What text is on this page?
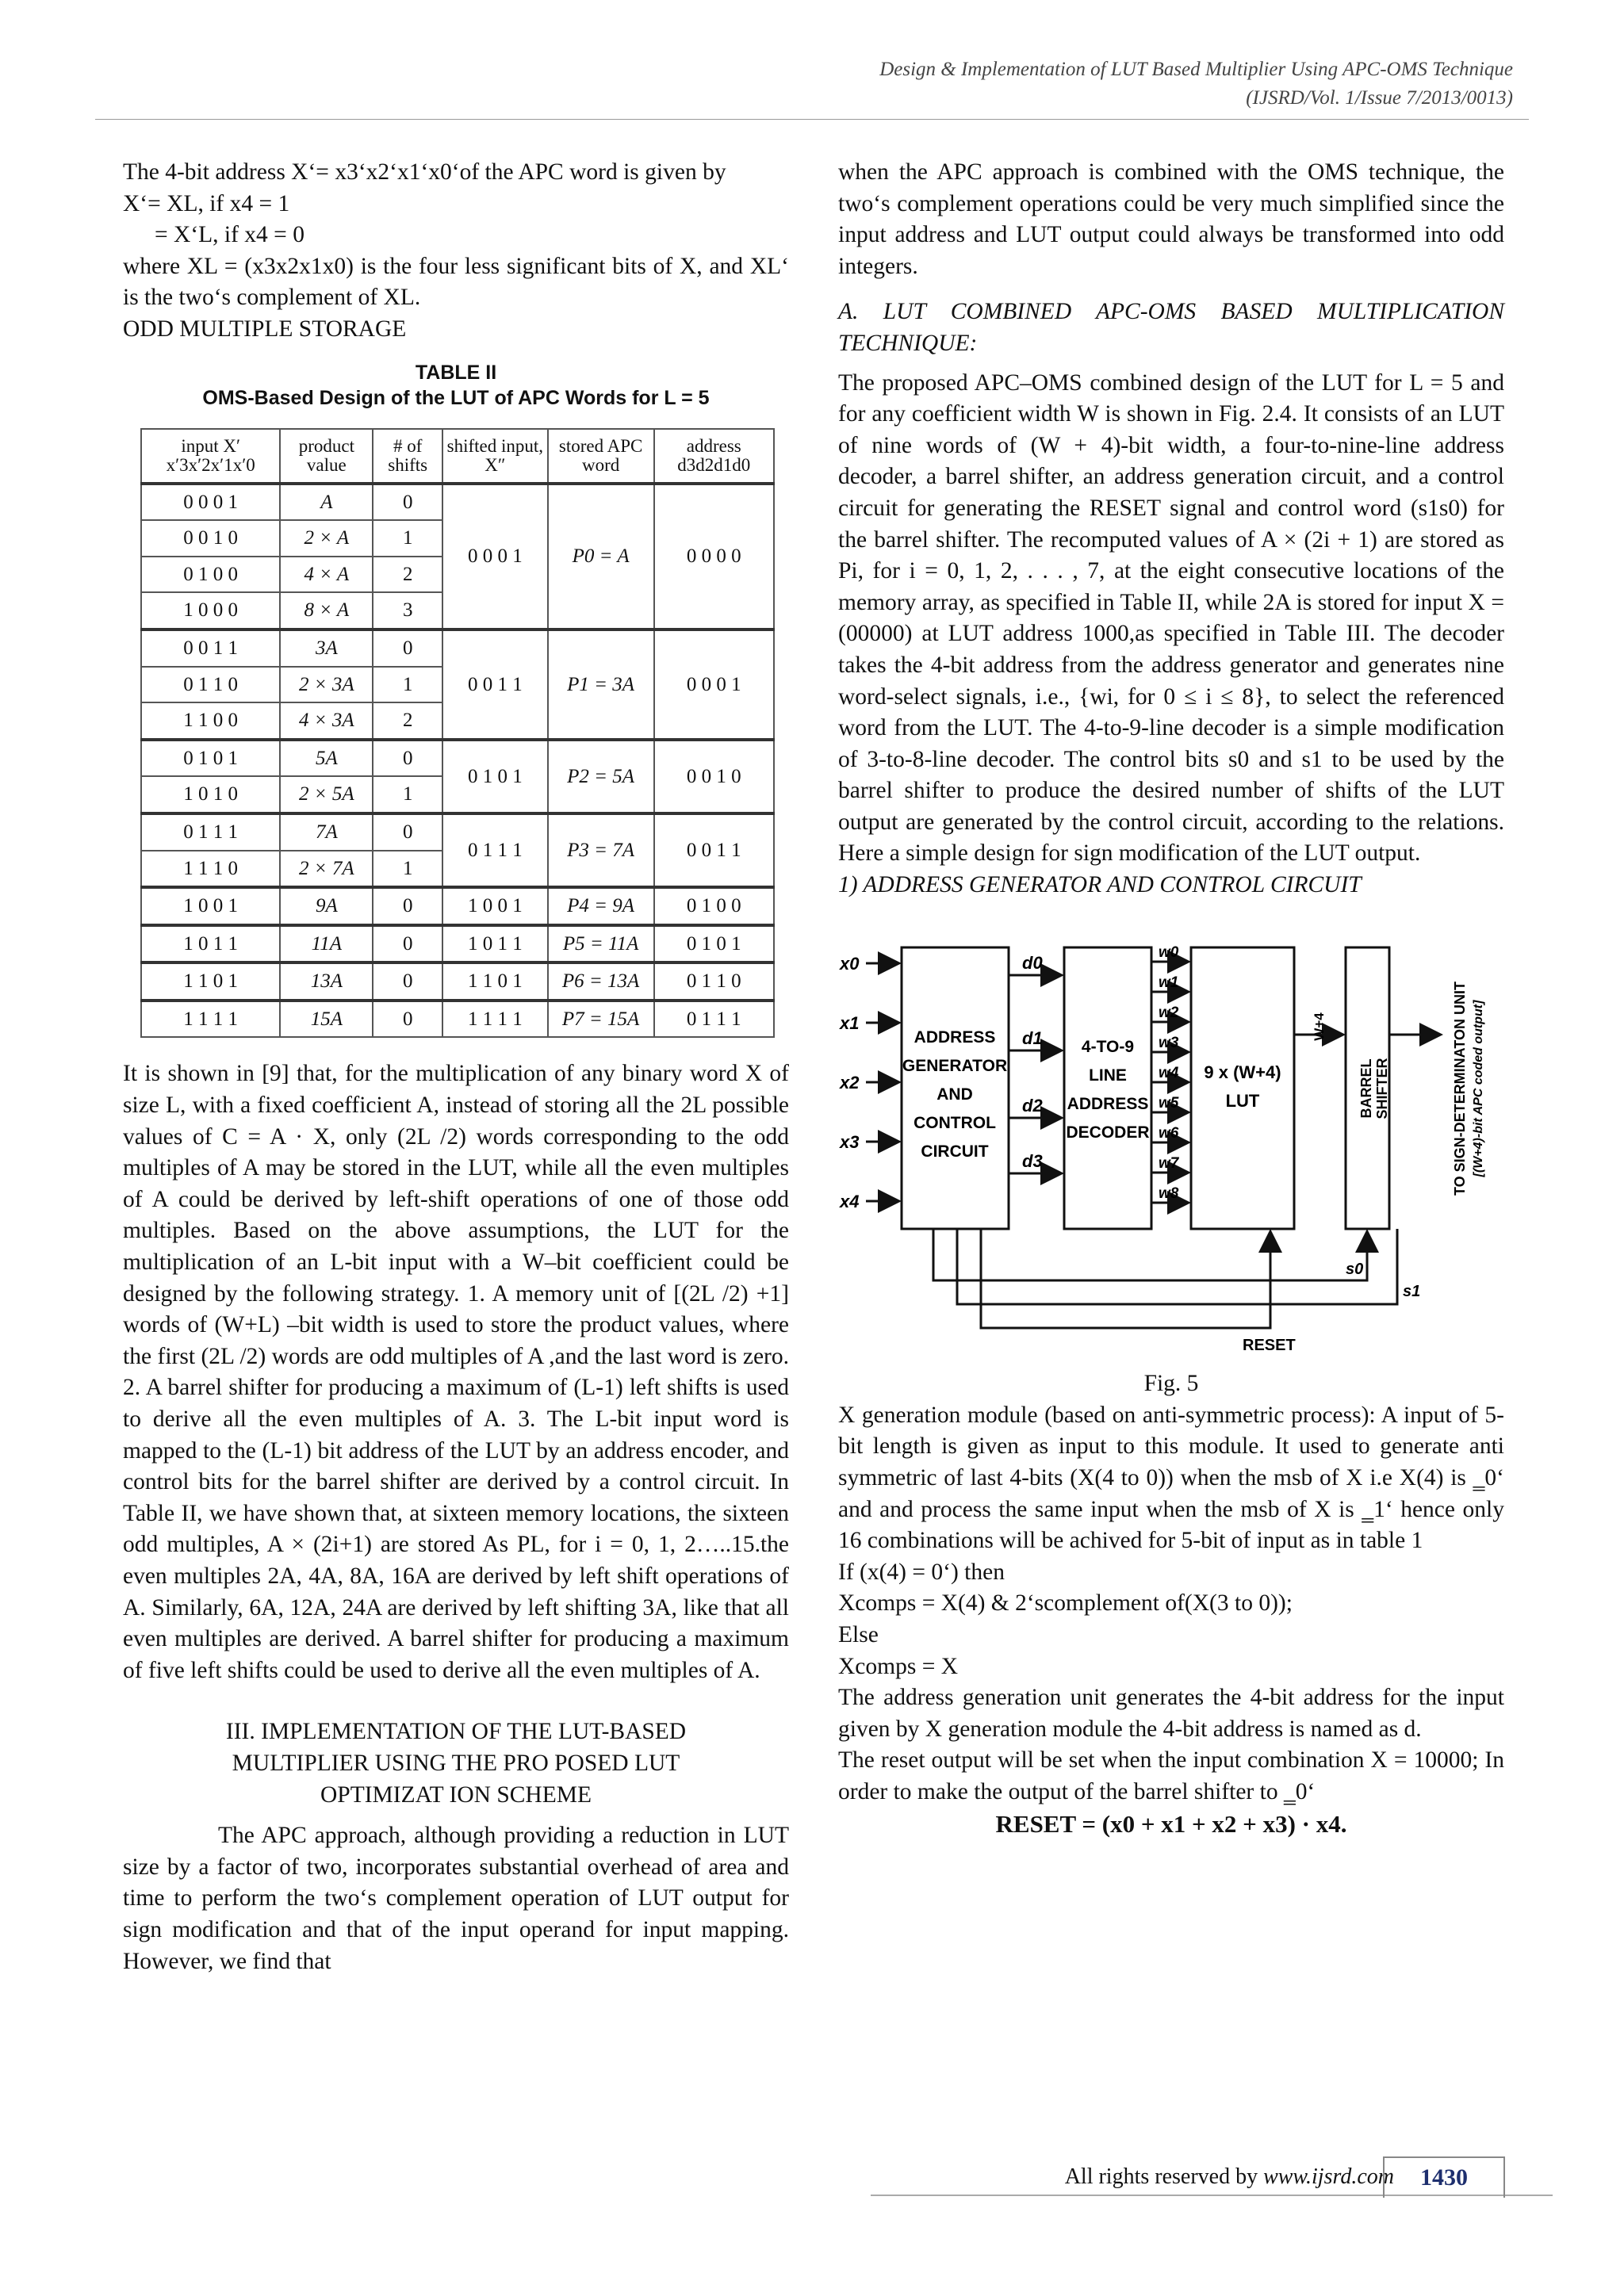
Design & Implementation of LUT Based Multiplier Using APC-OMS Technique
(IJSRD/Vol. 1/Issue 7/2013/0013)

The 4-bit address X‘= x3‘x2‘x1‘x0‘of the APC word is given by

X‘= XL, if x4 = 1

= X‘L, if x4 = 0

where XL = (x3x2x1x0) is the four less significant bits of X, and XL‘ is the two‘s complement of XL.

ODD MULTIPLE STORAGE

TABLE II
OMS-Based Design of the LUT of APC Words for L = 5
input X′ x′3x′2x′1x′0	product value	# of shifts	shifted input, X″	stored APC word	address d3d2d1d0
0 0 0 1	A	0	0 0 0 1	P0 = A	0 0 0 0
0 0 1 0	2 × A	1			
0 1 0 0	4 × A	2			
1 0 0 0	8 × A	3			
0 0 1 1	3A	0	0 0 1 1	P1 = 3A	0 0 0 1
0 1 1 0	2 × 3A	1			
1 1 0 0	4 × 3A	2			
0 1 0 1	5A	0	0 1 0 1	P2 = 5A	0 0 1 0
1 0 1 0	2 × 5A	1			
0 1 1 1	7A	0	0 1 1 1	P3 = 7A	0 0 1 1
1 1 1 0	2 × 7A	1			
1 0 0 1	9A	0	1 0 0 1	P4 = 9A	0 1 0 0
1 0 1 1	11A	0	1 0 1 1	P5 = 11A	0 1 0 1
1 1 0 1	13A	0	1 1 0 1	P6 = 13A	0 1 1 0
1 1 1 1	15A	0	1 1 1 1	P7 = 15A	0 1 1 1

It is shown in [9] that, for the multiplication of any binary word X of size L, with a fixed coefficient A, instead of storing all the 2L possible values of C = A · X, only (2L /2) words corresponding to the odd multiples of A may be stored in the LUT, while all the even multiples of A could be derived by left-shift operations of one of those odd multiples. Based on the above assumptions, the LUT for the multiplication of an L-bit input with a W–bit coefficient could be designed by the following strategy. 1. A memory unit of [(2L /2) +1] words of (W+L) –bit width is used to store the product values, where the first (2L /2) words are odd multiples of A ,and the last word is zero. 2. A barrel shifter for producing a maximum of (L-1) left shifts is used to derive all the even multiples of A. 3. The L-bit input word is mapped to the (L-1) bit address of the LUT by an address encoder, and control bits for the barrel shifter are derived by a control circuit. In Table II, we have shown that, at sixteen memory locations, the sixteen odd multiples, A × (2i+1) are stored As PL, for i = 0, 1, 2…..15.the even multiples 2A, 4A, 8A, 16A are derived by left shift operations of A. Similarly, 6A, 12A, 24A are derived by left shifting 3A, like that all even multiples are derived. A barrel shifter for producing a maximum of five left shifts could be used to derive all the even multiples of A.

III. IMPLEMENTATION OF THE LUT-BASED MULTIPLIER USING THE PRO POSED LUT OPTIMIZAT ION SCHEME

The APC approach, although providing a reduction in LUT size by a factor of two, incorporates substantial overhead of area and time to perform the two‘s complement operation of LUT output for sign modification and that of the input operand for input mapping. However, we find that

when the APC approach is combined with the OMS technique, the two‘s complement operations could be very much simplified since the input address and LUT output could always be transformed into odd integers.

A. LUT COMBINED APC-OMS BASED MULTIPLICATION TECHNIQUE:

The proposed APC–OMS combined design of the LUT for L = 5 and for any coefficient width W is shown in Fig. 2.4. It consists of an LUT of nine words of (W + 4)-bit width, a four-to-nine-line address decoder, a barrel shifter, an address generation circuit, and a control circuit for generating the RESET signal and control word (s1s0) for the barrel shifter. The recomputed values of A × (2i + 1) are stored as Pi, for i = 0, 1, 2, . . . , 7, at the eight consecutive locations of the memory array, as specified in Table II, while 2A is stored for input X = (00000) at LUT address 1000,as specified in Table III. The decoder takes the 4-bit address from the address generator and generates nine word-select signals, i.e., {wi, for 0 ≤ i ≤ 8}, to select the referenced word from the LUT. The 4-to-9-line decoder is a simple modification of 3-to-8-line decoder. The control bits s0 and s1 to be used by the barrel shifter to produce the desired number of shifts of the LUT output are generated by the control circuit, according to the relations. Here a simple design for sign modification of the LUT output.

1) ADDRESS GENERATOR AND CONTROL CIRCUIT

ADDRESS
GENERATOR
AND
CONTROL
CIRCUIT
4-TO-9
LINE
ADDRESS
DECODER
9 x (W+4)
LUT	BARREL
x0
x1
x2
x3
x4
d0
d1
d2
d3
w0
w1
w2
w3
w4
w5
w6
w7
w8
W+4	TO SIGN-DETERMINATON UNIT [(W+4)-bit APC coded output]
s0
s1
RESET
SHIFTER

Fig. 5

X generation module (based on anti-symmetric process): A input of 5-bit length is given as input to this module. It used to generate anti symmetric of last 4-bits (X(4 to 0)) when the msb of X i.e X(4) is ‗0‘ and and process the same input when the msb of X is ‗1‘ hence only 16 combinations will be achived for 5-bit of input as in table 1

If (x(4) = 0‘) then

Xcomps = X(4) & 2‘scomplement of(X(3 to 0));

Else

Xcomps = X

The address generation unit generates the 4-bit address for the input given by X generation module the 4-bit address is named as d.

The reset output will be set when the input combination X = 10000; In order to make the output of the barrel shifter to ‗0‘

RESET = (x0 + x1 + x2 + x3) · x4.

All rights reserved by www.ijsrd.com	1430
